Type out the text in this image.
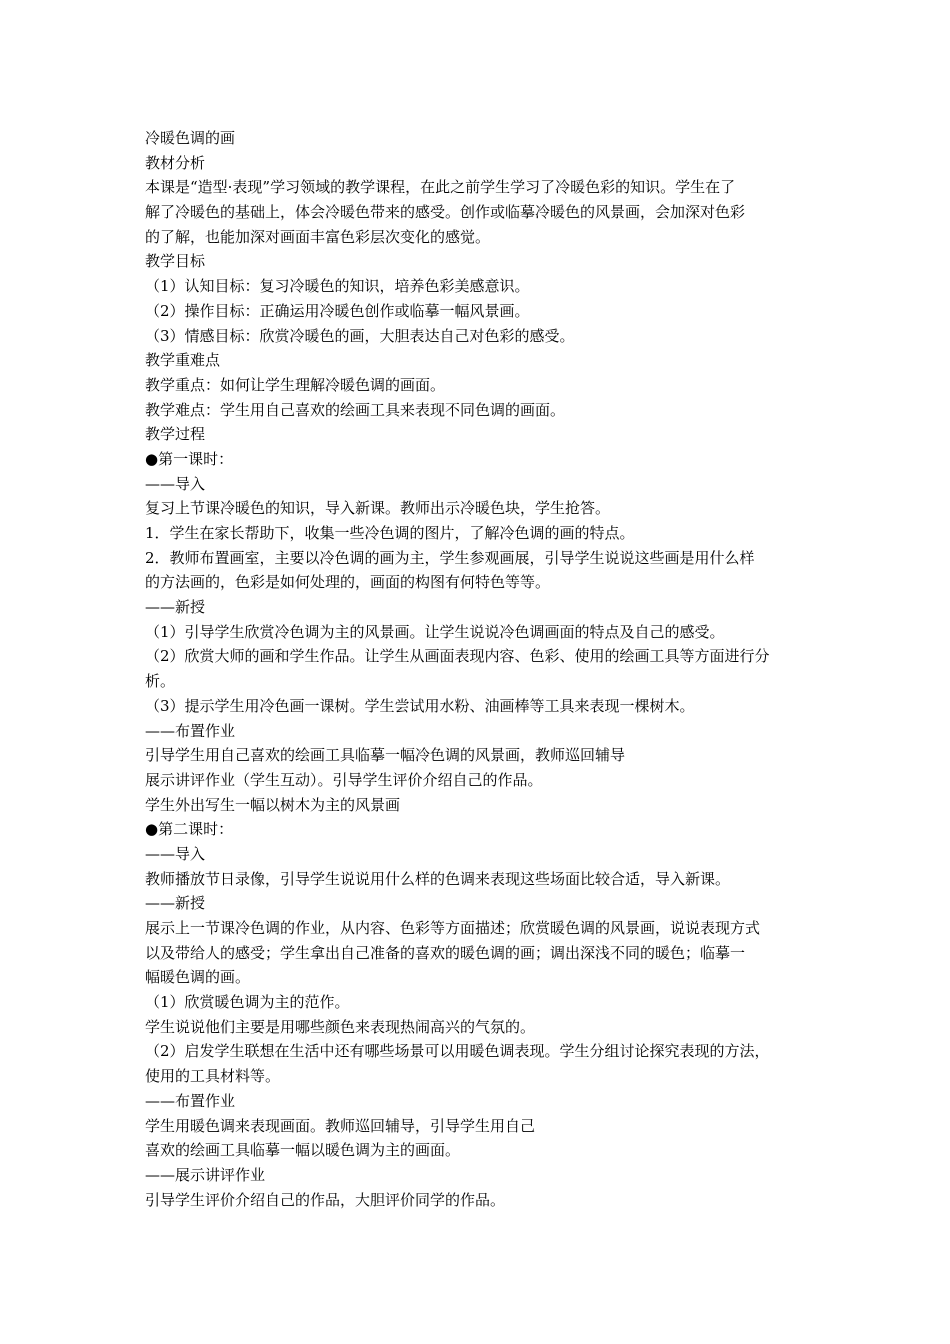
冷暖色调的画
教材分析
本课是“造型·表现”学习领域的教学课程，在此之前学生学习了冷暖色彩的知识。学生在了
解了冷暖色的基础上，体会冷暖色带来的感受。创作或临摹冷暖色的风景画，会加深对色彩
的了解，也能加深对画面丰富色彩层次变化的感觉。
教学目标
（1）认知目标：复习冷暖色的知识，培养色彩美感意识。
（2）操作目标：正确运用冷暖色创作或临摹一幅风景画。
（3）情感目标：欣赏冷暖色的画，大胆表达自己对色彩的感受。
教学重难点
教学重点：如何让学生理解冷暖色调的画面。
教学难点：学生用自己喜欢的绘画工具来表现不同色调的画面。
教学过程
●第一课时：
——导入
复习上节课冷暖色的知识，导入新课。教师出示冷暖色块，学生抢答。
1．学生在家长帮助下，收集一些冷色调的图片，了解冷色调的画的特点。
2．教师布置画室，主要以冷色调的画为主，学生参观画展，引导学生说说这些画是用什么样
的方法画的，色彩是如何处理的，画面的构图有何特色等等。
——新授
（1）引导学生欣赏冷色调为主的风景画。让学生说说冷色调画面的特点及自己的感受。
（2）欣赏大师的画和学生作品。让学生从画面表现内容、色彩、使用的绘画工具等方面进行分
析。
（3）提示学生用冷色画一课树。学生尝试用水粉、油画棒等工具来表现一棵树木。
——布置作业
引导学生用自己喜欢的绘画工具临摹一幅冷色调的风景画，教师巡回辅导
展示讲评作业（学生互动）。引导学生评价介绍自己的作品。
学生外出写生一幅以树木为主的风景画
●第二课时：
——导入
教师播放节日录像，引导学生说说用什么样的色调来表现这些场面比较合适，导入新课。
——新授
展示上一节课冷色调的作业，从内容、色彩等方面描述；欣赏暖色调的风景画，说说表现方式
以及带给人的感受；学生拿出自己准备的喜欢的暖色调的画；调出深浅不同的暖色；临摹一
幅暖色调的画。
（1）欣赏暖色调为主的范作。
学生说说他们主要是用哪些颜色来表现热闹高兴的气氛的。
（2）启发学生联想在生活中还有哪些场景可以用暖色调表现。学生分组讨论探究表现的方法，
使用的工具材料等。
——布置作业
学生用暖色调来表现画面。教师巡回辅导，引导学生用自己
喜欢的绘画工具临摹一幅以暖色调为主的画面。
——展示讲评作业
引导学生评价介绍自己的作品，大胆评价同学的作品。
